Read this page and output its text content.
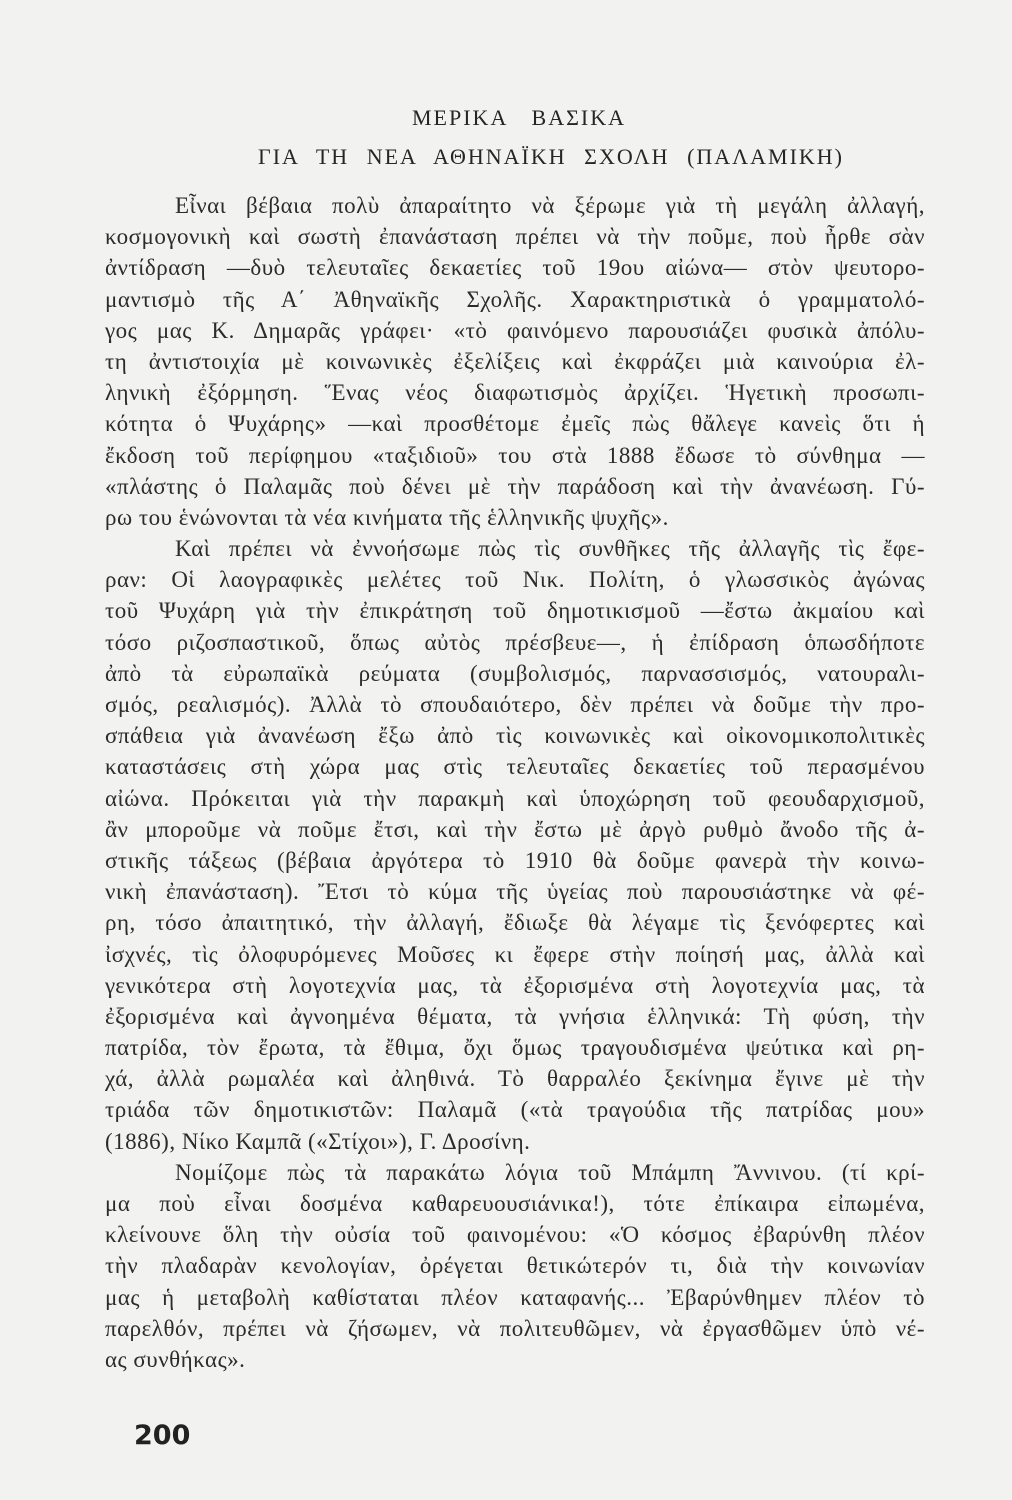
ΜΕΡΙΚΑ ΒΑΣΙΚΑ
ΓΙΑ ΤΗ ΝΕΑ ΑΘΗΝΑΪΚΗ ΣΧΟΛΗ (ΠΑΛΑΜΙΚΗ)
Εἶναι βέβαια πολὺ ἀπαραίτητο νὰ ξέρωμε γιὰ τὴ μεγάλη ἀλλαγή,
κοσμογονικὴ καὶ σωστὴ ἐπανάσταση πρέπει νὰ τὴν ποῦμε, ποὺ ἦρθε σὰν
ἀντίδραση —δυὸ τελευταῖες δεκαετίες τοῦ 19ου αἰώνα— στὸν ψευτορο-
μαντισμὸ τῆς Α΄ Ἀθηναϊκῆς Σχολῆς. Χαρακτηριστικὰ ὁ γραμματολό-
γος μας Κ. Δημαρᾶς γράφει· «τὸ φαινόμενο παρουσιάζει φυσικὰ ἀπόλυ-
τη ἀντιστοιχία μὲ κοινωνικὲς ἐξελίξεις καὶ ἐκφράζει μιὰ καινούρια ἐλ-
ληνικὴ ἐξόρμηση. Ἕνας νέος διαφωτισμὸς ἀρχίζει. Ἡγετικὴ προσωπι-
κότητα ὁ Ψυχάρης» —καὶ προσθέτομε ἐμεῖς πὼς θἄλεγε κανεὶς ὅτι ἡ
ἔκδοση τοῦ περίφημου «ταξιδιοῦ» του στὰ 1888 ἔδωσε τὸ σύνθημα —
«πλάστης ὁ Παλαμᾶς ποὺ δένει μὲ τὴν παράδοση καὶ τὴν ἀνανέωση. Γύ-
ρω του ἑνώνονται τὰ νέα κινήματα τῆς ἑλληνικῆς ψυχῆς».
Καὶ πρέπει νὰ ἐννοήσωμε πὼς τὶς συνθῆκες τῆς ἀλλαγῆς τὶς ἔφε-
ραν: Οἱ λαογραφικὲς μελέτες τοῦ Νικ. Πολίτη, ὁ γλωσσικὸς ἀγώνας
τοῦ Ψυχάρη γιὰ τὴν ἐπικράτηση τοῦ δημοτικισμοῦ —ἔστω ἀκμαίου καὶ
τόσο ριζοσπαστικοῦ, ὅπως αὐτὸς πρέσβευε—, ἡ ἐπίδραση ὁπωσδήποτε
ἀπὸ τὰ εὐρωπαϊκὰ ρεύματα (συμβολισμός, παρνασσισμός, νατουραλι-
σμός, ρεαλισμός). Ἀλλὰ τὸ σπουδαιότερο, δὲν πρέπει νὰ δοῦμε τὴν προ-
σπάθεια γιὰ ἀνανέωση ἔξω ἀπὸ τὶς κοινωνικὲς καὶ οἰκονομικοπολιτικὲς
καταστάσεις στὴ χώρα μας στὶς τελευταῖες δεκαετίες τοῦ περασμένου
αἰώνα. Πρόκειται γιὰ τὴν παρακμὴ καὶ ὑποχώρηση τοῦ φεουδαρχισμοῦ,
ἂν μποροῦμε νὰ ποῦμε ἔτσι, καὶ τὴν ἔστω μὲ ἀργὸ ρυθμὸ ἄνοδο τῆς ἀ-
στικῆς τάξεως (βέβαια ἀργότερα τὸ 1910 θὰ δοῦμε φανερὰ τὴν κοινω-
νικὴ ἐπανάσταση). Ἔτσι τὸ κύμα τῆς ὑγείας ποὺ παρουσιάστηκε νὰ φέ-
ρη, τόσο ἀπαιτητικό, τὴν ἀλλαγή, ἔδιωξε θὰ λέγαμε τὶς ξενόφερτες καὶ
ἰσχνές, τὶς ὀλοφυρόμενες Μοῦσες κι ἔφερε στὴν ποίησή μας, ἀλλὰ καὶ
γενικότερα στὴ λογοτεχνία μας, τὰ ἐξορισμένα στὴ λογοτεχνία μας, τὰ
ἐξορισμένα καὶ ἀγνοημένα θέματα, τὰ γνήσια ἑλληνικά: Τὴ φύση, τὴν
πατρίδα, τὸν ἔρωτα, τὰ ἔθιμα, ὄχι ὅμως τραγουδισμένα ψεύτικα καὶ ρη-
χά, ἀλλὰ ρωμαλέα καὶ ἀληθινά. Τὸ θαρραλέο ξεκίνημα ἔγινε μὲ τὴν
τριάδα τῶν δημοτικιστῶν: Παλαμᾶ («τὰ τραγούδια τῆς πατρίδας μου»
(1886), Νίκο Καμπᾶ («Στίχοι»), Γ. Δροσίνη.
Νομίζομε πὼς τὰ παρακάτω λόγια τοῦ Μπάμπη Ἄννινου. (τί κρί-
μα ποὺ εἶναι δοσμένα καθαρευουσιάνικα!), τότε ἐπίκαιρα εἰπωμένα,
κλείνουνε ὅλη τὴν οὐσία τοῦ φαινομένου: «Ὁ κόσμος ἐβαρύνθη πλέον
τὴν πλαδαρὰν κενολογίαν, ὀρέγεται θετικώτερόν τι, διὰ τὴν κοινωνίαν
μας ἡ μεταβολὴ καθίσταται πλέον καταφανής... Ἐβαρύνθημεν πλέον τὸ
παρελθόν, πρέπει νὰ ζήσωμεν, νὰ πολιτευθῶμεν, νὰ ἐργασθῶμεν ὑπὸ νέ-
ας συνθήκας».
200
